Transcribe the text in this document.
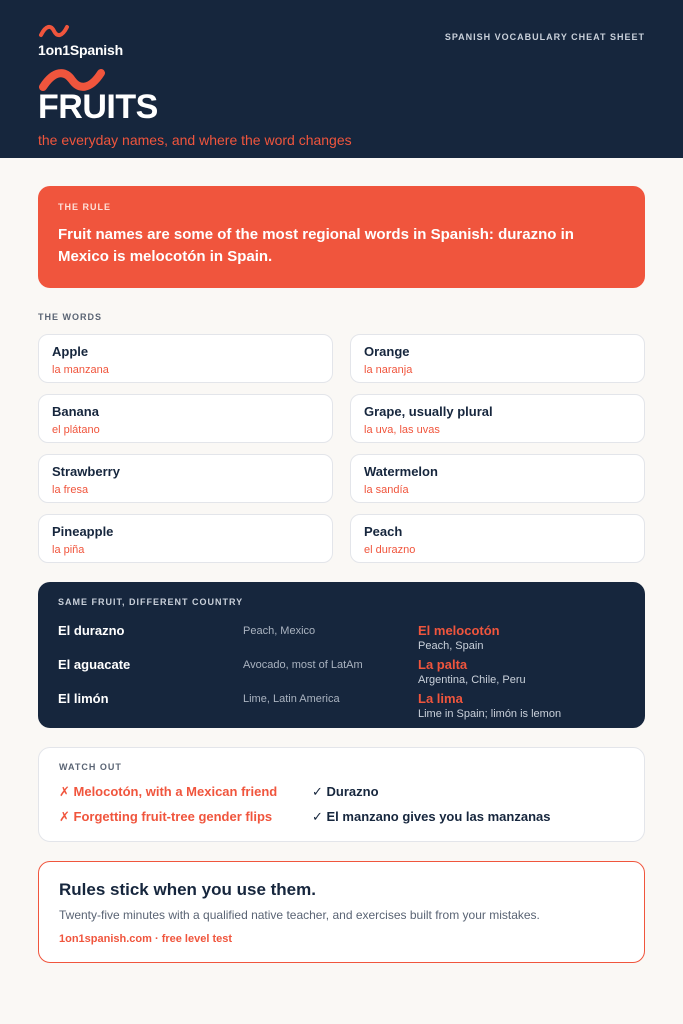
1on1Spanish
FRUITS
the everyday names, and where the word changes
SPANISH VOCABULARY CHEAT SHEET
THE RULE
Fruit names are some of the most regional words in Spanish: durazno in Mexico is melocotón in Spain.
THE WORDS
Apple
la manzana
Orange
la naranja
Banana
el plátano
Grape, usually plural
la uva, las uvas
Strawberry
la fresa
Watermelon
la sandía
Pineapple
la piña
Peach
el durazno
SAME FRUIT, DIFFERENT COUNTRY
El durazno	Peach, Mexico	El melocotón
Peach, Spain
El aguacate	Avocado, most of LatAm	La palta
Argentina, Chile, Peru
El limón	Lime, Latin America	La lima
Lime in Spain; limón is lemon
WATCH OUT
✗ Melocotón, with a Mexican friend	✓ Durazno
✗ Forgetting fruit-tree gender flips	✓ El manzano gives you las manzanas
Rules stick when you use them.
Twenty-five minutes with a qualified native teacher, and exercises built from your mistakes.
1on1spanish.com · free level test
